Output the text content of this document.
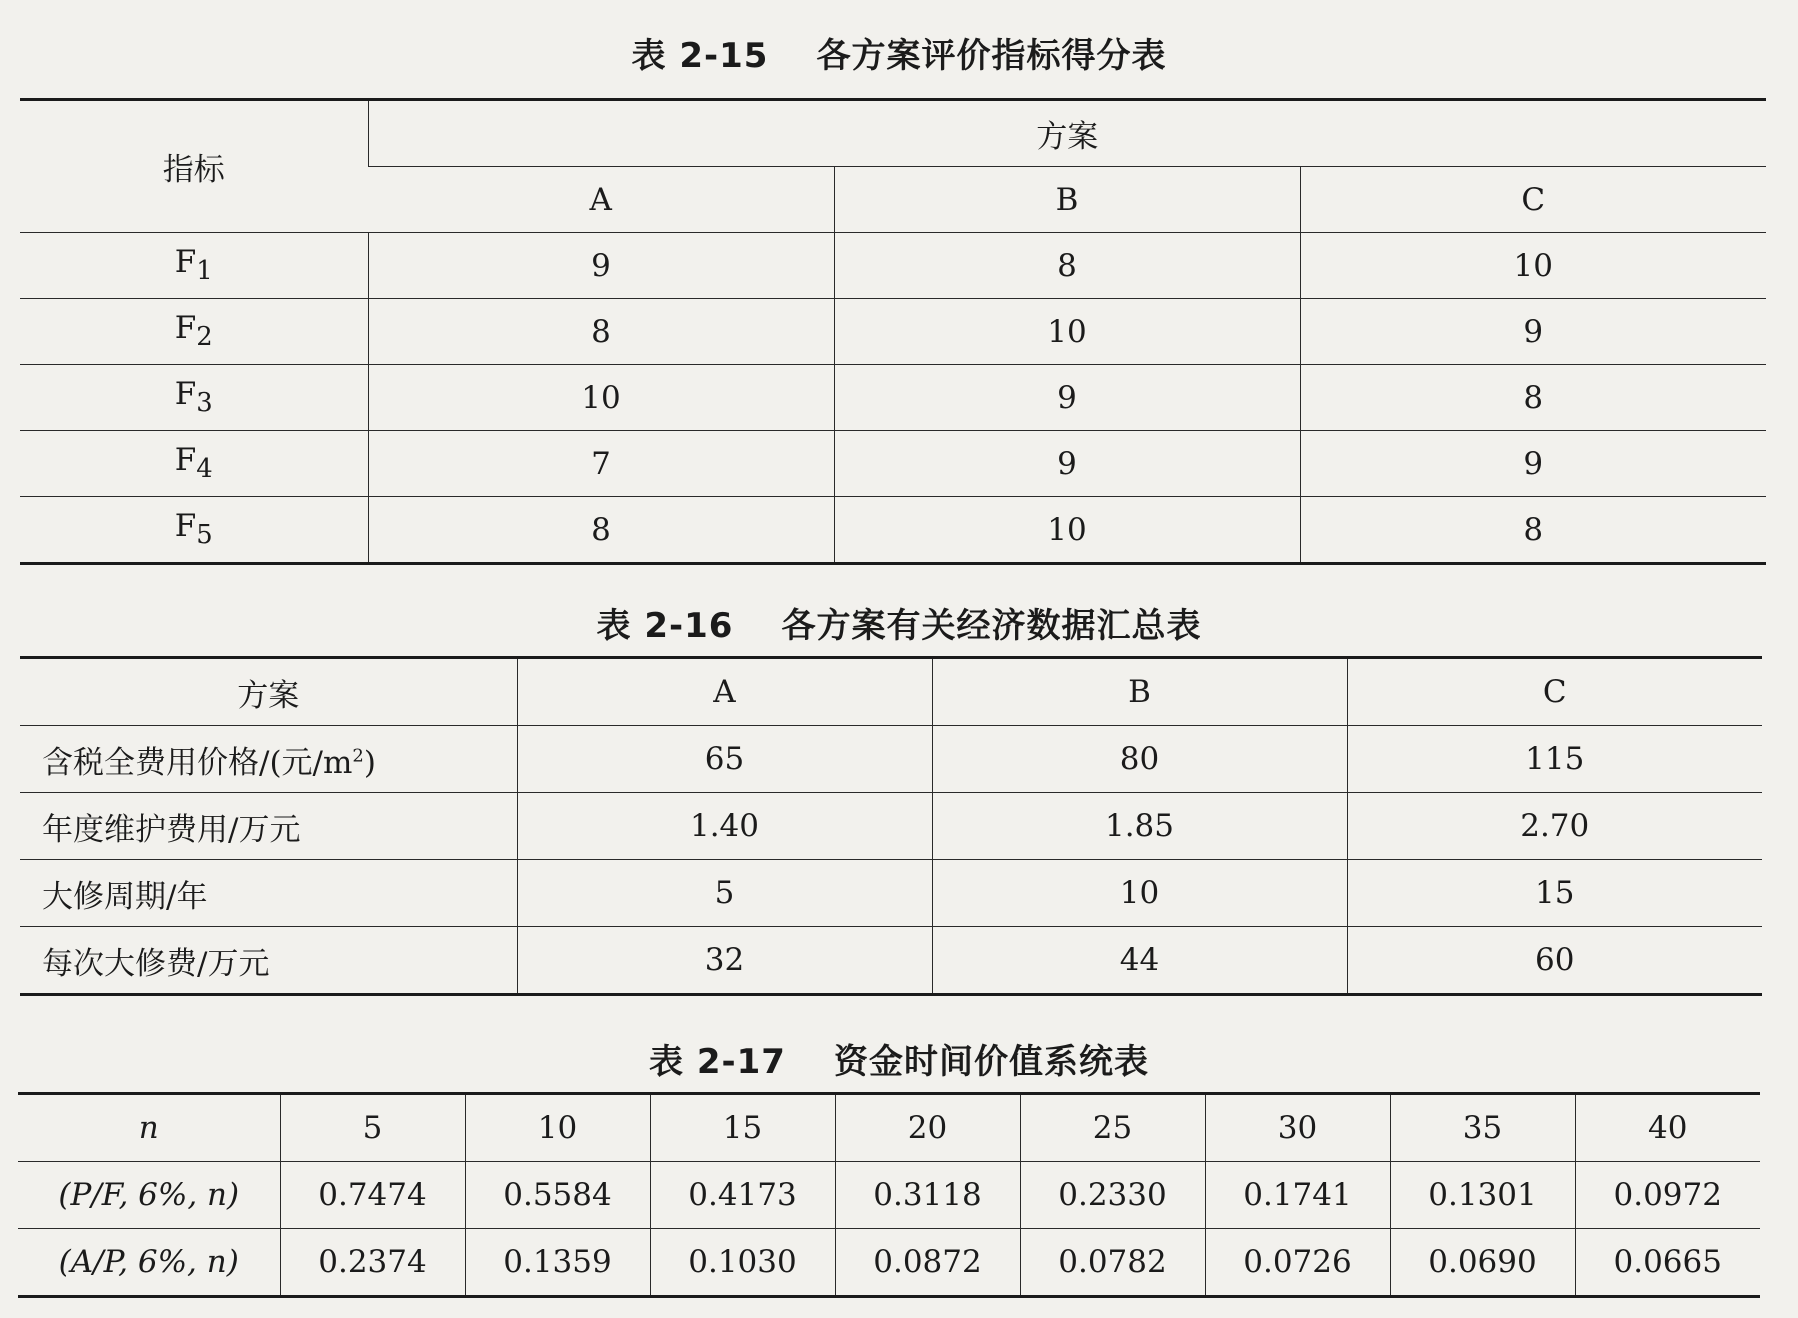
表 2-15 各方案评价指标得分表
指标	方案		
	A	B	C
$F_1$	9	8	10
$F_2$	8	10	9
$F_3$	10	9	8
$F_4$	7	9	9
$F_5$	8	10	8
表 2-16 各方案有关经济数据汇总表
方案	A	B	C
含税全费用价格/(元$/m^2$)	65	80	115
年度维护费用/万元	1.40	1.85	2.70
大修周期/年	5	10	15
每次大修费/万元	32	44	60
表 2-17 资金时间价值系统表
n	5	10	15	20	25	30	35	40
(P/F, 6%, n)	0.7474	0.5584	0.4173	0.3118	0.2330	0.1741	0.1301	0.0972
(A/P, 6%, n)	0.2374	0.1359	0.1030	0.0872	0.0782	0.0726	0.0690	0.0665
